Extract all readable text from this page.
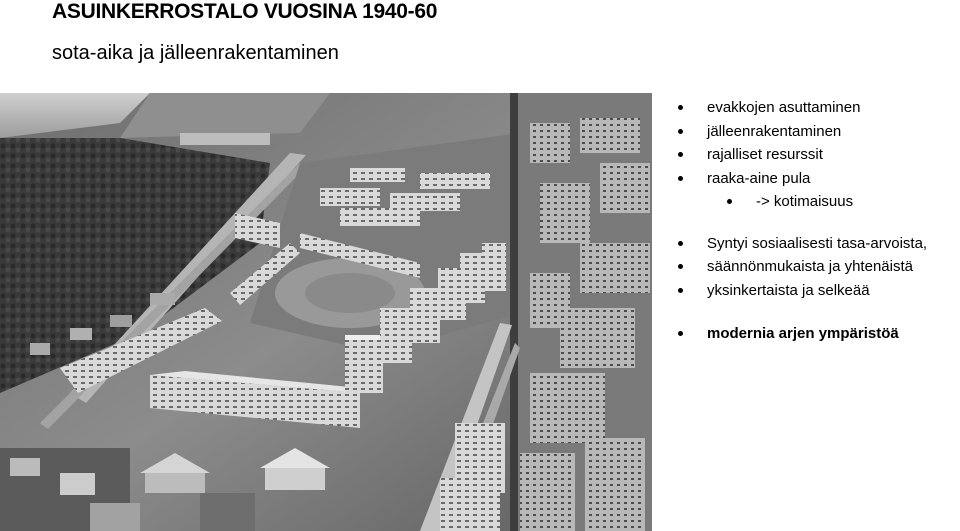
ASUINKERROSTALO VUOSINA 1940-60
sota-aika ja jälleenrakentaminen
evakkojen asuttaminen
jälleenrakentaminen
rajalliset resurssit
raaka-aine pula
-> kotimaisuus
Syntyi sosiaalisesti tasa-arvoista,
säännönmukaista ja yhtenäistä
yksinkertaista ja selkeää
modernia arjen ympäristöä
